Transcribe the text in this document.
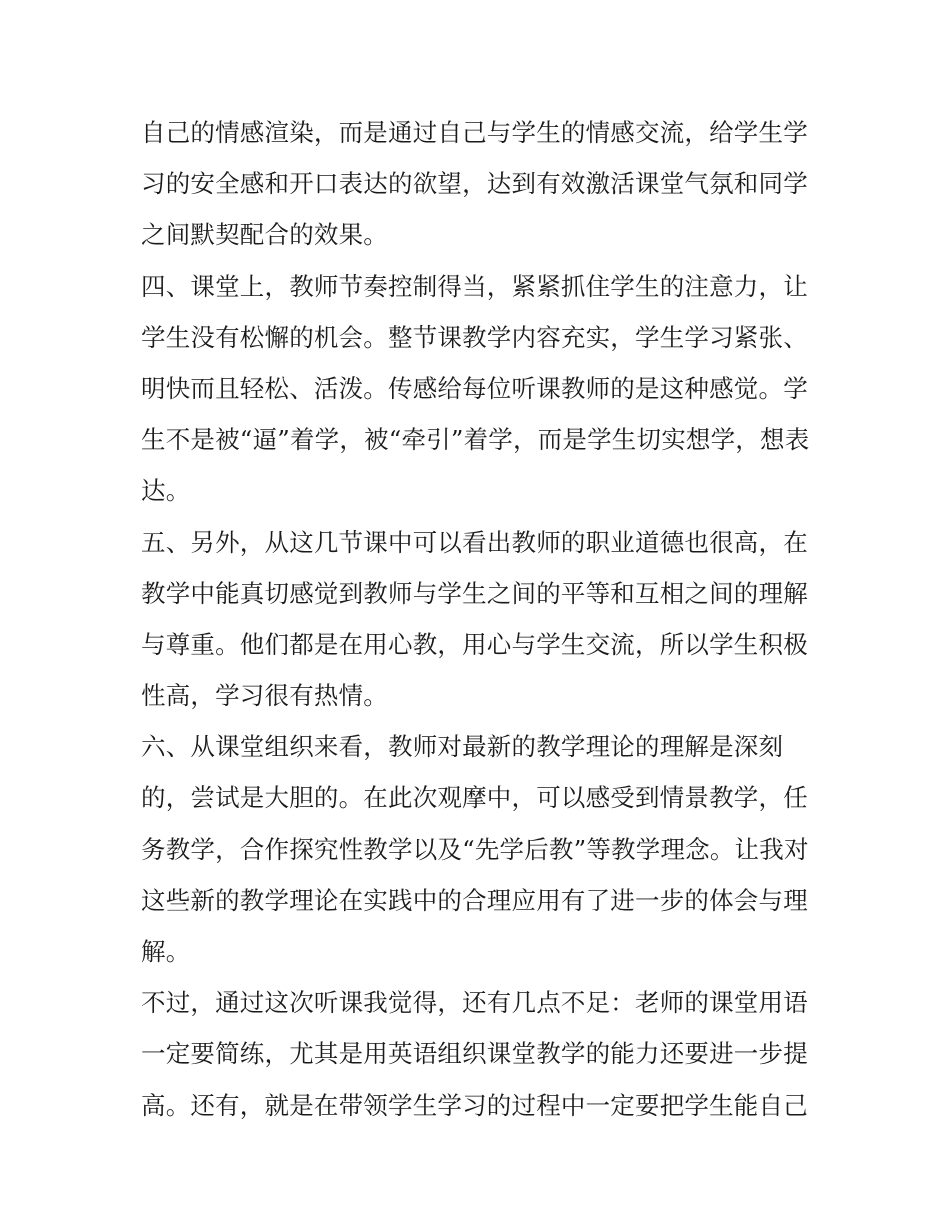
自己的情感渲染，而是通过自己与学生的情感交流，给学生学
习的安全感和开口表达的欲望，达到有效激活课堂气氛和同学
之间默契配合的效果。
四、课堂上，教师节奏控制得当，紧紧抓住学生的注意力，让
学生没有松懈的机会。整节课教学内容充实，学生学习紧张、
明快而且轻松、活泼。传感给每位听课教师的是这种感觉。学
生不是被“逼”着学，被“牵引”着学，而是学生切实想学，想表
达。
五、另外，从这几节课中可以看出教师的职业道德也很高，在
教学中能真切感觉到教师与学生之间的平等和互相之间的理解
与尊重。他们都是在用心教，用心与学生交流，所以学生积极
性高，学习很有热情。
六、从课堂组织来看，教师对最新的教学理论的理解是深刻
的，尝试是大胆的。在此次观摩中，可以感受到情景教学，任
务教学，合作探究性教学以及“先学后教”等教学理念。让我对
这些新的教学理论在实践中的合理应用有了进一步的体会与理
解。
不过，通过这次听课我觉得，还有几点不足：老师的课堂用语
一定要简练，尤其是用英语组织课堂教学的能力还要进一步提
高。还有，就是在带领学生学习的过程中一定要把学生能自己
